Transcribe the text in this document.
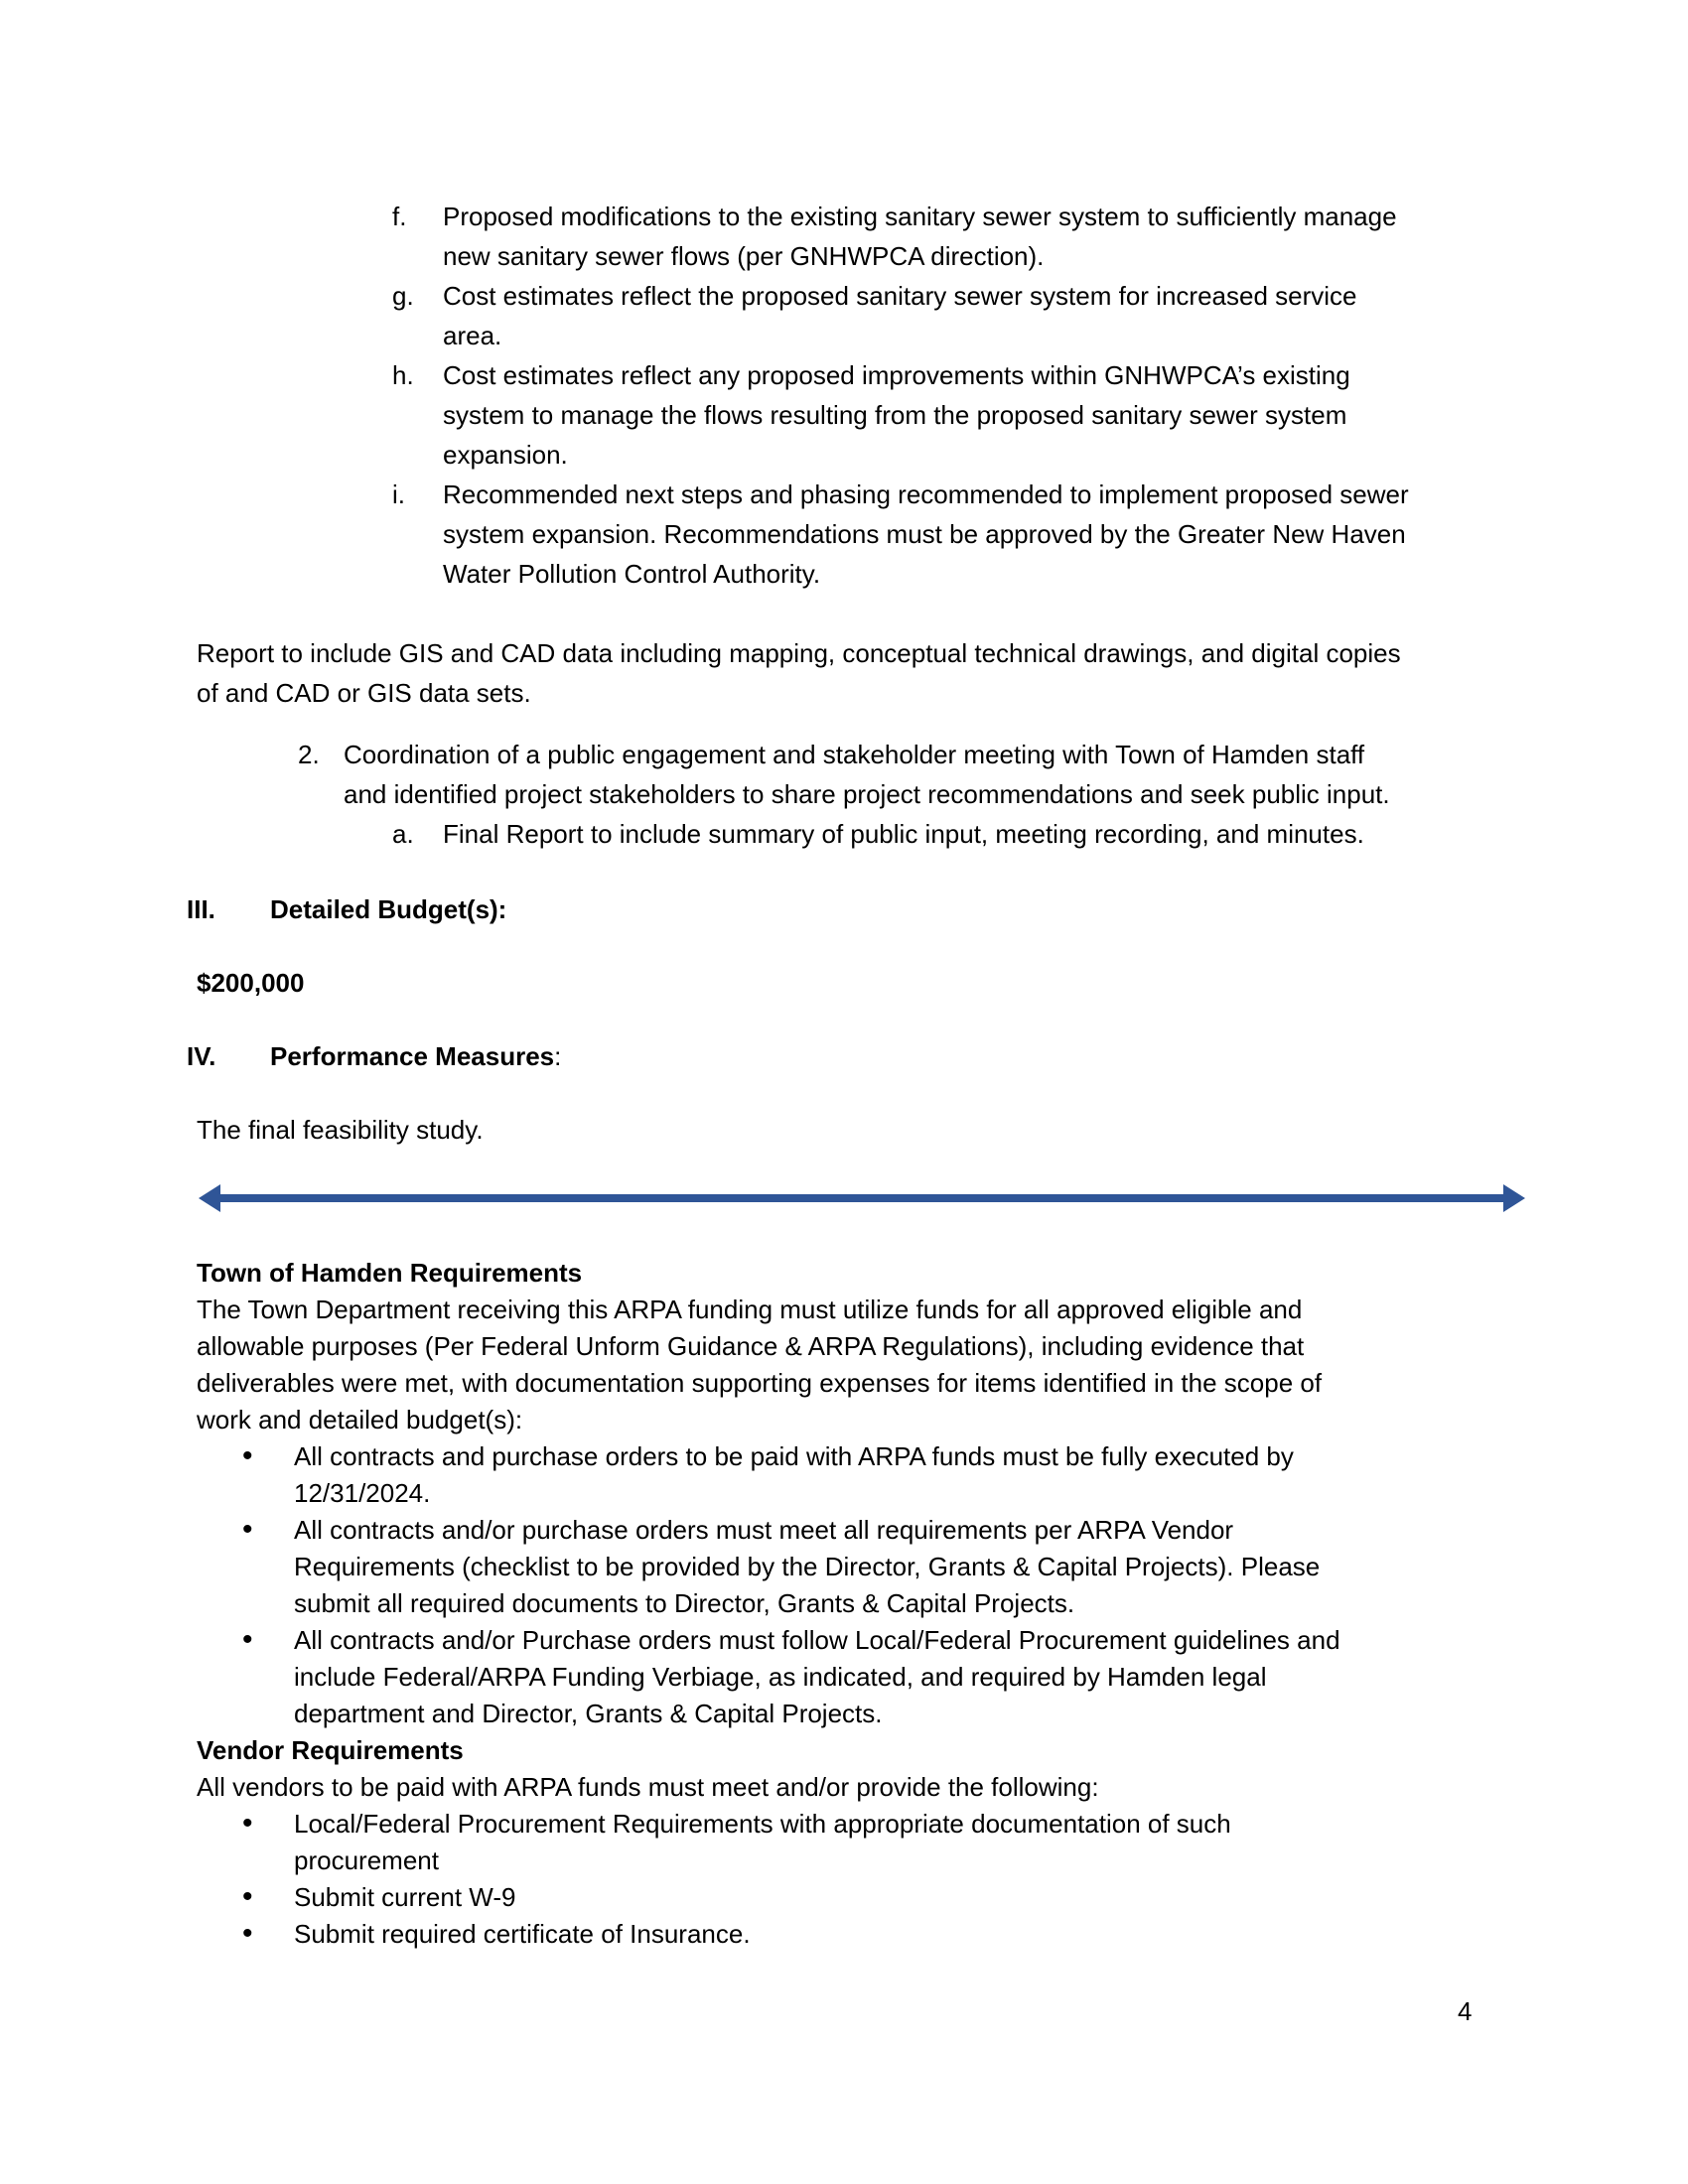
f. Proposed modifications to the existing sanitary sewer system to sufficiently manage
new sanitary sewer flows (per GNHWPCA direction).
g. Cost estimates reflect the proposed sanitary sewer system for increased service
area.
h. Cost estimates reflect any proposed improvements within GNHWPCA’s existing
system to manage the flows resulting from the proposed sanitary sewer system
expansion.
i. Recommended next steps and phasing recommended to implement proposed sewer
system expansion. Recommendations must be approved by the Greater New Haven
Water Pollution Control Authority.
Report to include GIS and CAD data including mapping, conceptual technical drawings, and digital copies
of and CAD or GIS data sets.
2. Coordination of a public engagement and stakeholder meeting with Town of Hamden staff
and identified project stakeholders to share project recommendations and seek public input.
a. Final Report to include summary of public input, meeting recording, and minutes.
III. Detailed Budget(s):
$200,000
IV. Performance Measures:
The final feasibility study.
Town of Hamden Requirements
The Town Department receiving this ARPA funding must utilize funds for all approved eligible and
allowable purposes (Per Federal Unform Guidance & ARPA Regulations), including evidence that
deliverables were met, with documentation supporting expenses for items identified in the scope of
work and detailed budget(s):
• All contracts and purchase orders to be paid with ARPA funds must be fully executed by
12/31/2024.
• All contracts and/or purchase orders must meet all requirements per ARPA Vendor
Requirements (checklist to be provided by the Director, Grants & Capital Projects). Please
submit all required documents to Director, Grants & Capital Projects.
• All contracts and/or Purchase orders must follow Local/Federal Procurement guidelines and
include Federal/ARPA Funding Verbiage, as indicated, and required by Hamden legal
department and Director, Grants & Capital Projects.
Vendor Requirements
All vendors to be paid with ARPA funds must meet and/or provide the following:
• Local/Federal Procurement Requirements with appropriate documentation of such
procurement
• Submit current W-9
• Submit required certificate of Insurance.
4
